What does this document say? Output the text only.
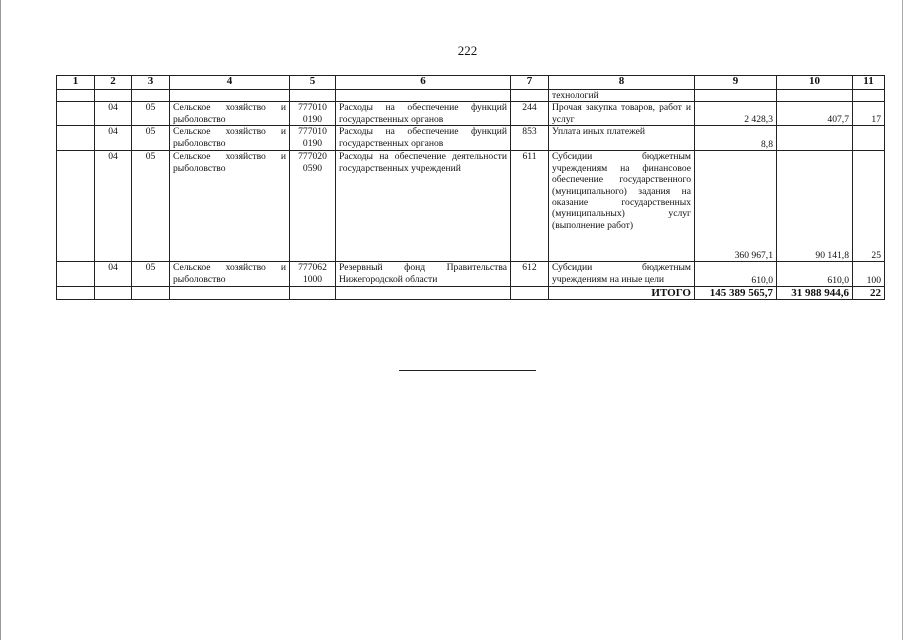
222
1	2	3	4	5	6	7	8	9	10	11
							технологий			
	04	05	Сельское хозяйство и рыболовство	777010 0190	Расходы на обеспечение функций государственных органов	244	Прочая закупка товаров, работ и услуг	2 428,3	407,7	17
	04	05	Сельское хозяйство и рыболовство	777010 0190	Расходы на обеспечение функций государственных органов	853	Уплата иных платежей	8,8		
	04	05	Сельское хозяйство и рыболовство	777020 0590	Расходы на обеспечение деятельности государственных учреждений	611	Субсидии бюджетным учреждениям на финансовое обеспечение государственного (муниципального) задания на оказание государственных (муниципальных) услуг (выполнение работ)	360 967,1	90 141,8	25
	04	05	Сельское хозяйство и рыболовство	777062 1000	Резервный фонд Правительства Нижегородской области	612	Субсидии бюджетным учреждениям на иные цели	610,0	610,0	100
							ИТОГО	145 389 565,7	31 988 944,6	22
